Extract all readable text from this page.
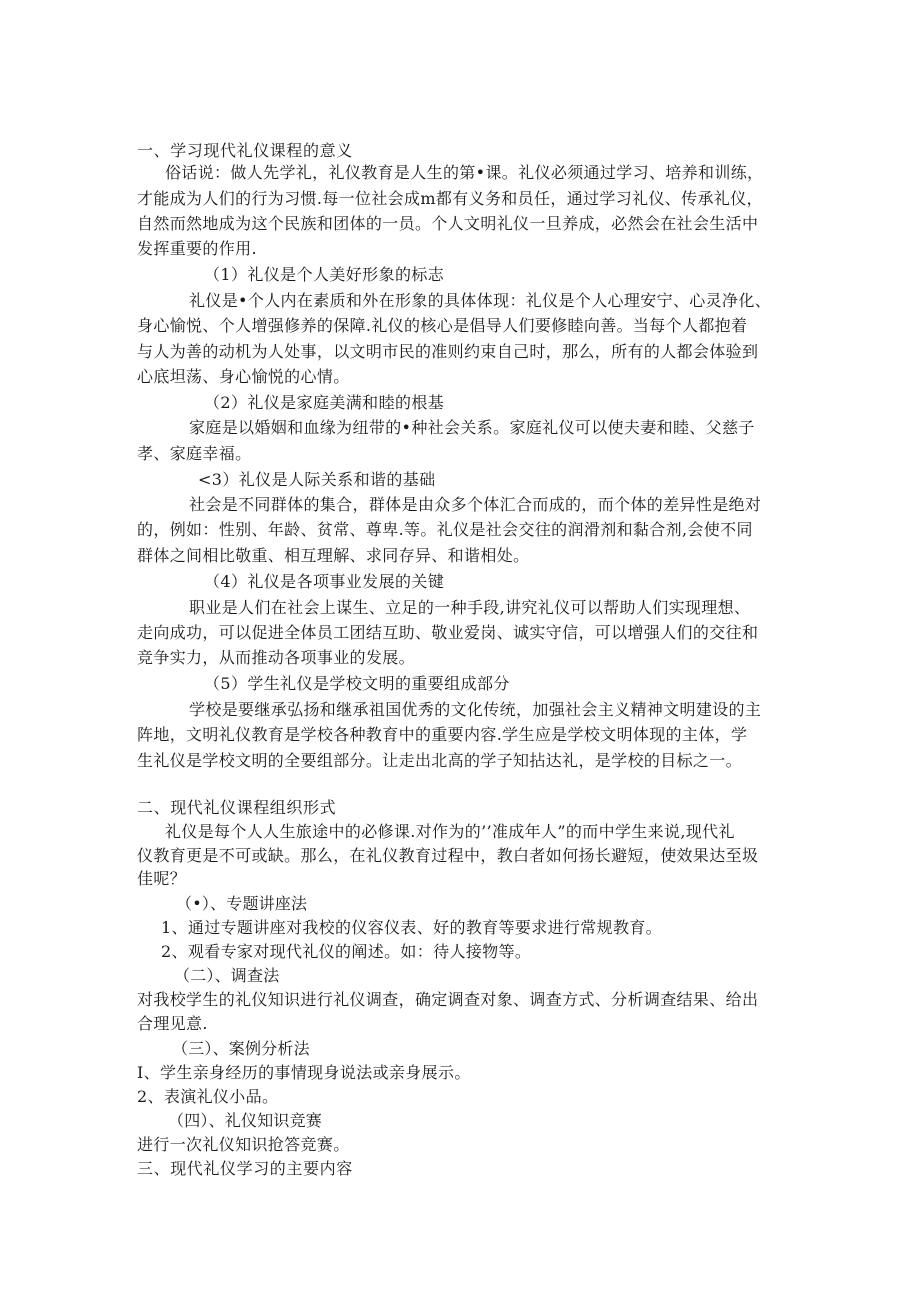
一、学习现代礼仪课程的意义
俗话说：做人先学礼，礼仪教育是人生的第•课。礼仪必须通过学习、培养和训练，
才能成为人们的行为习惯.每一位社会成m都有义务和员任，通过学习礼仪、传承礼仪，
自然而然地成为这个民族和团体的一员。个人文明礼仪一旦养成，必然会在社会生活中
发挥重要的作用.
（1）礼仪是个人美好形象的标志
礼仪是•个人内在素质和外在形象的具体体现：礼仪是个人心理安宁、心灵净化、
身心愉悦、个人增强修养的保障.礼仪的核心是倡导人们要修睦向善。当每个人都抱着
与人为善的动机为人处事，以文明市民的准则约束自己时，那么，所有的人都会体验到
心底坦荡、身心愉悦的心情。
（2）礼仪是家庭美满和睦的根基
家庭是以婚姻和血缘为纽带的•种社会关系。家庭礼仪可以使夫妻和睦、父慈子
孝、家庭幸福。
<3）礼仪是人际关系和谐的基础
社会是不同群体的集合，群体是由众多个体汇合而成的，而个体的差异性是绝对
的，例如：性别、年龄、贫常、尊卑.等。礼仪是社会交往的润滑剂和黏合剂,会使不同
群体之间相比敬重、相互理解、求同存异、和谐相处。
（4）礼仪是各项事业发展的关键
职业是人们在社会上谋生、立足的一种手段,讲究礼仪可以帮助人们实现理想、
走向成功，可以促进全体员工团结互助、敬业爱岗、诚实守信，可以增强人们的交往和
竞争实力，从而推动各项事业的发展。
（5）学生礼仪是学校文明的重要组成部分
学校是要继承弘扬和继承祖国优秀的文化传统，加强社会主义精神文明建设的主
阵地，文明礼仪教育是学校各种教育中的重要内容.学生应是学校文明体现的主体，学
生礼仪是学校文明的全要组部分。让走出北高的学子知拈达礼，是学校的目标之一。
二、现代礼仪课程组织形式
礼仪是每个人人生旅途中的必修课.对作为的’’准成年人”的而中学生来说,现代礼
仪教育更是不可或缺。那么，在礼仪教育过程中，教白者如何扬长避短，使效果达至圾
佳呢？
（•）、专题讲座法
1、通过专题讲座对我校的仪容仪表、好的教育等要求进行常规教育。
2、观看专家对现代礼仪的阐述。如：待人接物等。
（二）、调查法
对我校学生的礼仪知识进行礼仪调查，确定调查对象、调查方式、分析调查结果、给出
合理见意.
（三）、案例分析法
I、学生亲身经历的事情现身说法或亲身展示。
2、表演礼仪小品。
（四）、礼仪知识竞赛
进行一次礼仪知识抢答竞赛。
三、现代礼仪学习的主要内容
